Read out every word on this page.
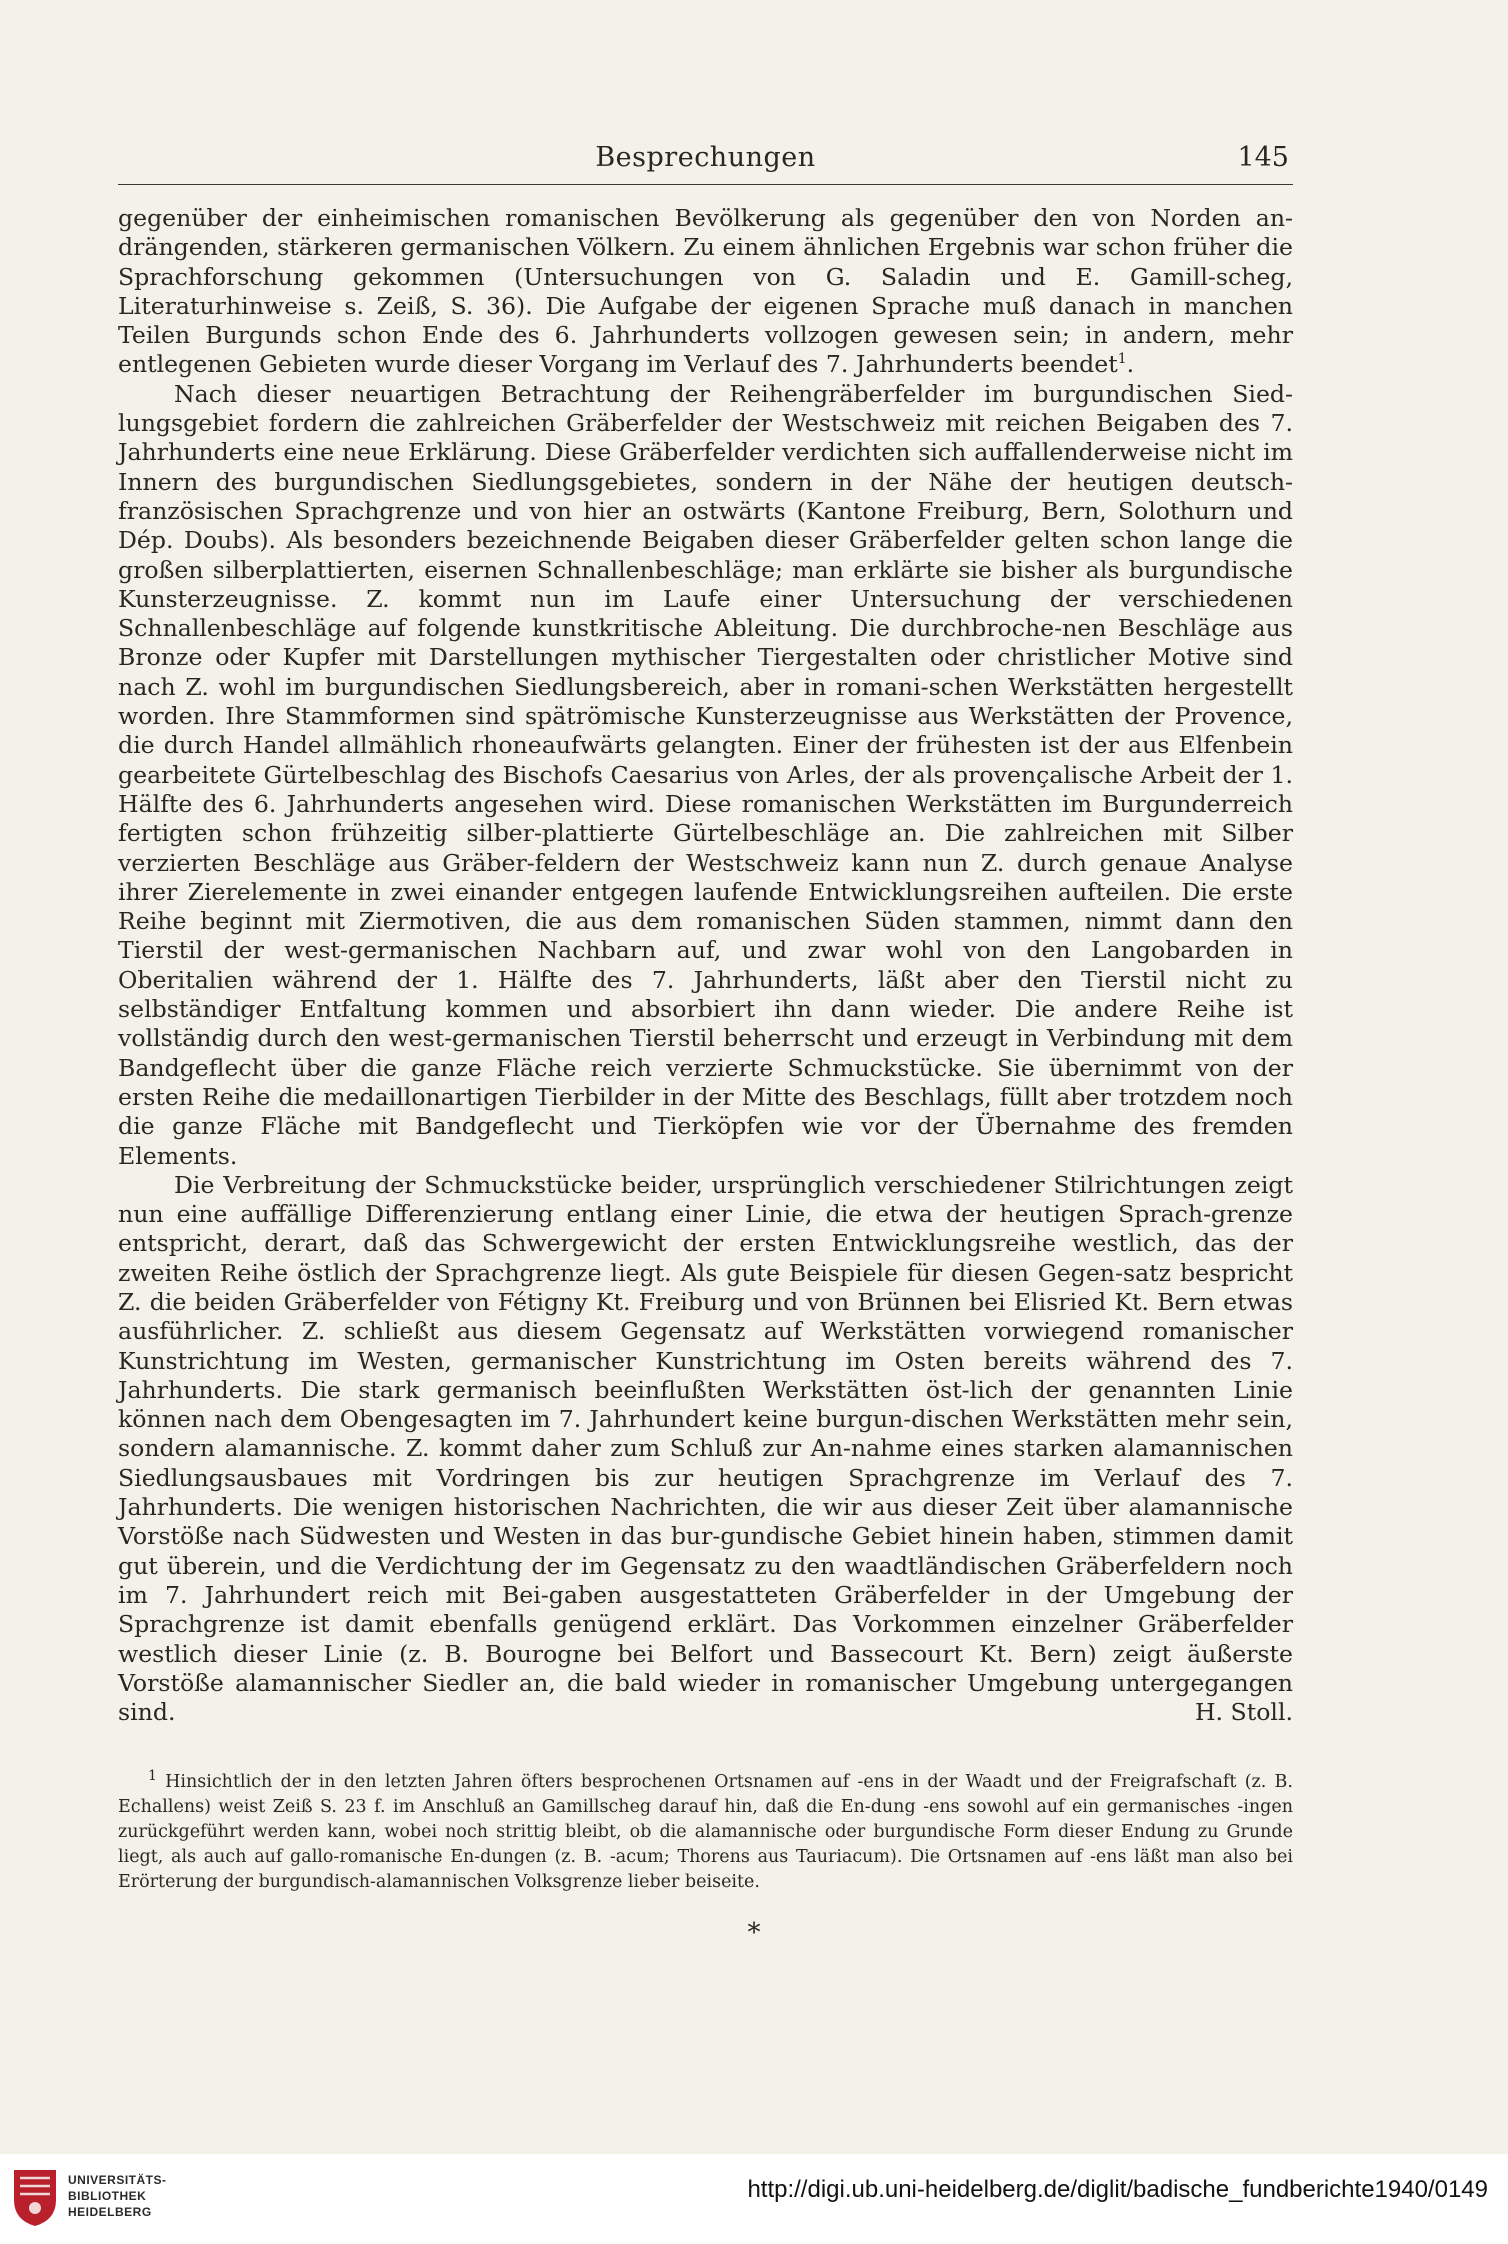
Besprechungen	145

gegenüber der einheimischen romanischen Bevölkerung als gegenüber den von Norden an-drängenden, stärkeren germanischen Völkern. Zu einem ähnlichen Ergebnis war schon früher die Sprachforschung gekommen (Untersuchungen von G. Saladin und E. Gamill-scheg, Literaturhinweise s. Zeiß, S. 36). Die Aufgabe der eigenen Sprache muß danach in manchen Teilen Burgunds schon Ende des 6. Jahrhunderts vollzogen gewesen sein; in andern, mehr entlegenen Gebieten wurde dieser Vorgang im Verlauf des 7. Jahrhunderts beendet$^1$.

Nach dieser neuartigen Betrachtung der Reihengräberfelder im burgundischen Sied-lungsgebiet fordern die zahlreichen Gräberfelder der Westschweiz mit reichen Beigaben des 7. Jahrhunderts eine neue Erklärung. Diese Gräberfelder verdichten sich auffallenderweise nicht im Innern des burgundischen Siedlungsgebietes, sondern in der Nähe der heutigen deutsch-französischen Sprachgrenze und von hier an ostwärts (Kantone Freiburg, Bern, Solothurn und Dép. Doubs). Als besonders bezeichnende Beigaben dieser Gräberfelder gelten schon lange die großen silberplattierten, eisernen Schnallenbeschläge; man erklärte sie bisher als burgundische Kunsterzeugnisse. Z. kommt nun im Laufe einer Untersuchung der verschiedenen Schnallenbeschläge auf folgende kunstkritische Ableitung. Die durchbroche-nen Beschläge aus Bronze oder Kupfer mit Darstellungen mythischer Tiergestalten oder christlicher Motive sind nach Z. wohl im burgundischen Siedlungsbereich, aber in romani-schen Werkstätten hergestellt worden. Ihre Stammformen sind spätrömische Kunsterzeugnisse aus Werkstätten der Provence, die durch Handel allmählich rhoneaufwärts gelangten. Einer der frühesten ist der aus Elfenbein gearbeitete Gürtelbeschlag des Bischofs Caesarius von Arles, der als provençalische Arbeit der 1. Hälfte des 6. Jahrhunderts angesehen wird. Diese romanischen Werkstätten im Burgunderreich fertigten schon frühzeitig silber-plattierte Gürtelbeschläge an. Die zahlreichen mit Silber verzierten Beschläge aus Gräber-feldern der Westschweiz kann nun Z. durch genaue Analyse ihrer Zierelemente in zwei einander entgegen laufende Entwicklungsreihen aufteilen. Die erste Reihe beginnt mit Ziermotiven, die aus dem romanischen Süden stammen, nimmt dann den Tierstil der west-germanischen Nachbarn auf, und zwar wohl von den Langobarden in Oberitalien während der 1. Hälfte des 7. Jahrhunderts, läßt aber den Tierstil nicht zu selbständiger Entfaltung kommen und absorbiert ihn dann wieder. Die andere Reihe ist vollständig durch den west-germanischen Tierstil beherrscht und erzeugt in Verbindung mit dem Bandgeflecht über die ganze Fläche reich verzierte Schmuckstücke. Sie übernimmt von der ersten Reihe die medaillonartigen Tierbilder in der Mitte des Beschlags, füllt aber trotzdem noch die ganze Fläche mit Bandgeflecht und Tierköpfen wie vor der Übernahme des fremden Elements.

Die Verbreitung der Schmuckstücke beider, ursprünglich verschiedener Stilrichtungen zeigt nun eine auffällige Differenzierung entlang einer Linie, die etwa der heutigen Sprach-grenze entspricht, derart, daß das Schwergewicht der ersten Entwicklungsreihe westlich, das der zweiten Reihe östlich der Sprachgrenze liegt. Als gute Beispiele für diesen Gegen-satz bespricht Z. die beiden Gräberfelder von Fétigny Kt. Freiburg und von Brünnen bei Elisried Kt. Bern etwas ausführlicher. Z. schließt aus diesem Gegensatz auf Werkstätten vorwiegend romanischer Kunstrichtung im Westen, germanischer Kunstrichtung im Osten bereits während des 7. Jahrhunderts. Die stark germanisch beeinflußten Werkstätten öst-lich der genannten Linie können nach dem Obengesagten im 7. Jahrhundert keine burgun-dischen Werkstätten mehr sein, sondern alamannische. Z. kommt daher zum Schluß zur An-nahme eines starken alamannischen Siedlungsausbaues mit Vordringen bis zur heutigen Sprachgrenze im Verlauf des 7. Jahrhunderts. Die wenigen historischen Nachrichten, die wir aus dieser Zeit über alamannische Vorstöße nach Südwesten und Westen in das bur-gundische Gebiet hinein haben, stimmen damit gut überein, und die Verdichtung der im Gegensatz zu den waadtländischen Gräberfeldern noch im 7. Jahrhundert reich mit Bei-gaben ausgestatteten Gräberfelder in der Umgebung der Sprachgrenze ist damit ebenfalls genügend erklärt. Das Vorkommen einzelner Gräberfelder westlich dieser Linie (z. B. Bourogne bei Belfort und Bassecourt Kt. Bern) zeigt äußerste Vorstöße alamannischer Siedler an, die bald wieder in romanischer Umgebung untergegangen sind.	H. Stoll.

$^1$ Hinsichtlich der in den letzten Jahren öfters besprochenen Ortsnamen auf -ens in der Waadt und der Freigrafschaft (z. B. Echallens) weist Zeiß S. 23 f. im Anschluß an Gamillscheg darauf hin, daß die En-dung -ens sowohl auf ein germanisches -ingen zurückgeführt werden kann, wobei noch strittig bleibt, ob die alamannische oder burgundische Form dieser Endung zu Grunde liegt, als auch auf gallo-romanische En-dungen (z. B. -acum; Thorens aus Tauriacum). Die Ortsnamen auf -ens läßt man also bei Erörterung der burgundisch-alamannischen Volksgrenze lieber beiseite.

*
UNIVERSITÄTS-
BIBLIOTHEK
HEIDELBERG
http://digi.ub.uni-heidelberg.de/diglit/badische_fundberichte1940/0149
